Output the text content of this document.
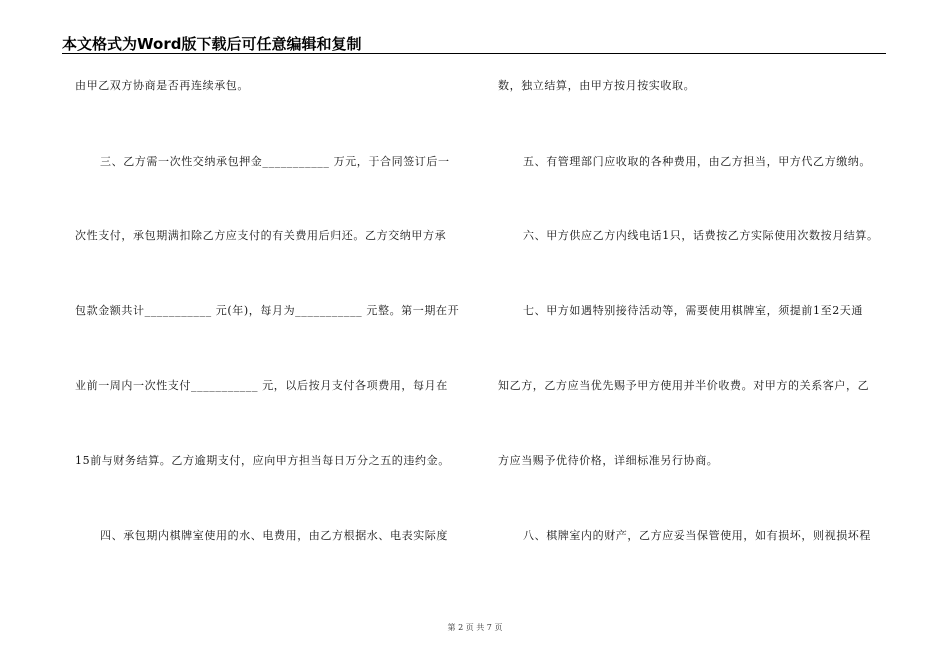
本文格式为Word版下载后可任意编辑和复制
由甲乙双方协商是否再连续承包。
三、乙方需一次性交纳承包押金___________ 万元，于合同签订后一
次性支付，承包期满扣除乙方应支付的有关费用后归还。乙方交纳甲方承
包款金额共计___________ 元(年)，每月为___________ 元整。第一期在开
业前一周内一次性支付___________ 元，以后按月支付各项费用，每月在
15前与财务结算。乙方逾期支付，应向甲方担当每日万分之五的违约金。
四、承包期内棋牌室使用的水、电费用，由乙方根据水、电表实际度
数，独立结算，由甲方按月按实收取。
五、有管理部门应收取的各种费用，由乙方担当，甲方代乙方缴纳。
六、甲方供应乙方内线电话1只，话费按乙方实际使用次数按月结算。
七、甲方如遇特别接待活动等，需要使用棋牌室，须提前1至2天通
知乙方，乙方应当优先赐予甲方使用并半价收费。对甲方的关系客户，乙
方应当赐予优待价格，详细标准另行协商。
八、棋牌室内的财产，乙方应妥当保管使用，如有损坏，则视损坏程
第 2 页 共 7 页
